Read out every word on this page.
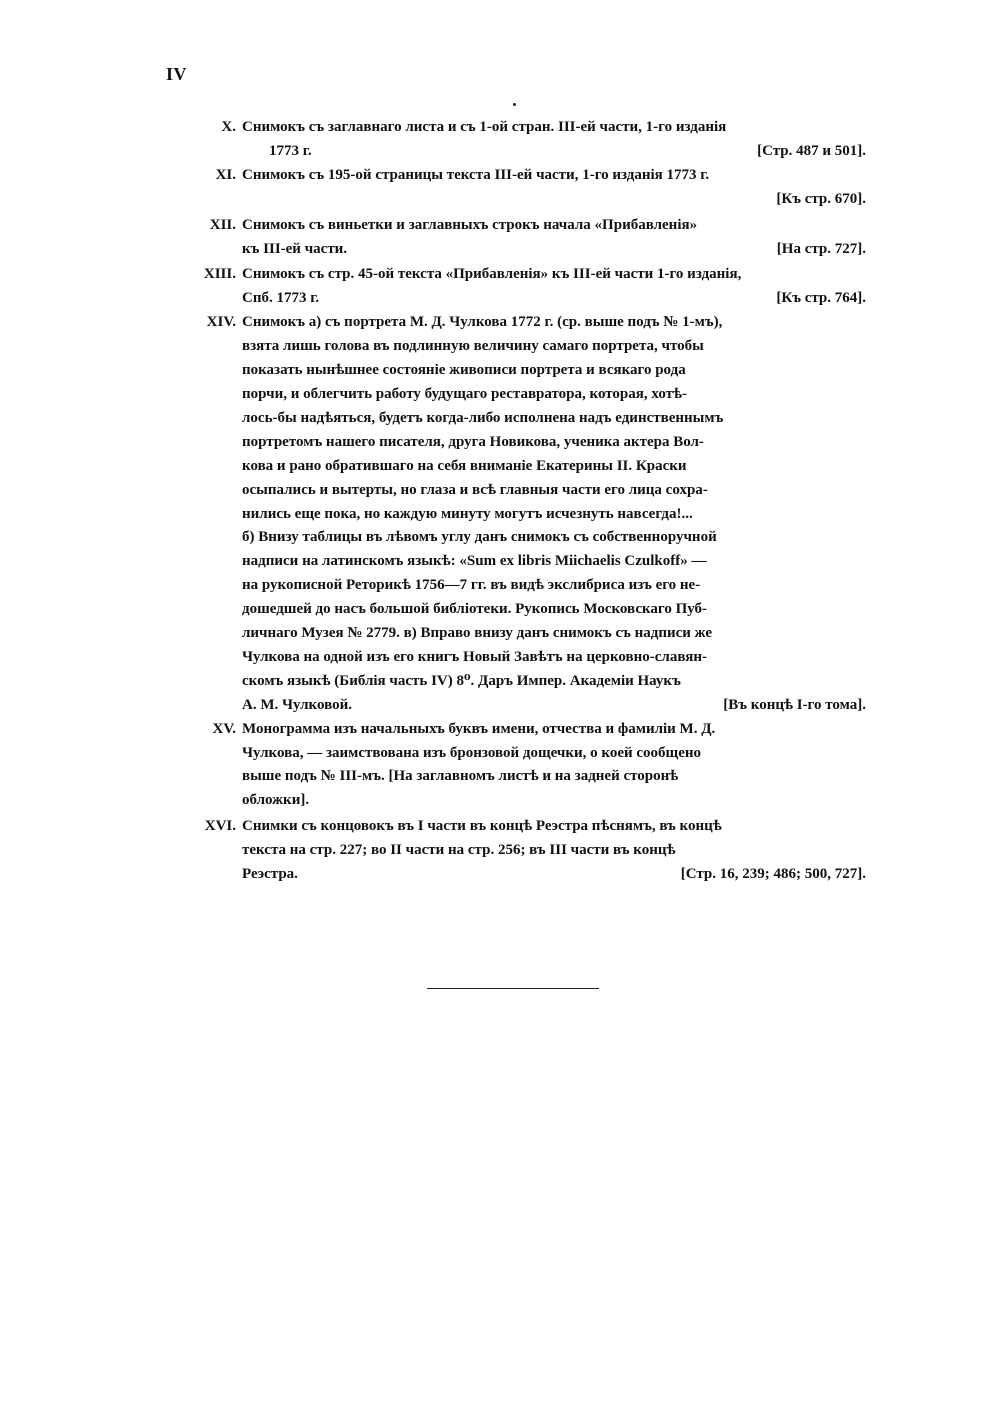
IV
X. Снимокъ съ заглавнаго листа и съ 1-ой стран. III-ей части, 1-го изданія
1773 г.	[Стр. 487 и 501].
XI. Снимокъ съ 195-ой страницы текста III-ей части, 1-го изданія 1773 г.
[Къ стр. 670].

XII. Снимокъ съ виньетки и заглавныхъ строкъ начала «Прибавленія»
къ III-ей части.	[На стр. 727].
XIII. Снимокъ съ стр. 45-ой текста «Прибавленія» къ III-ей части 1-го изданія,
Спб. 1773 г.	[Къ стр. 764].
XIV. Снимокъ а) съ портрета М. Д. Чулкова 1772 г. (ср. выше подъ № 1-мъ),
взята лишь голова въ подлинную величину самаго портрета, чтобы
показать нынѣшнее состояніе живописи портрета и всякаго рода
порчи, и облегчить работу будущаго реставратора, которая, хотѣ-
лось-бы надѣяться, будетъ когда-либо исполнена надъ единственнымъ
портретомъ нашего писателя, друга Новикова, ученика актера Вол-
кова и рано обратившаго на себя вниманіе Екатерины II. Краски
осыпались и вытерты, но глаза и всѣ главныя части его лица сохра-
нились еще пока, но каждую минуту могутъ исчезнуть навсегда!...
б) Внизу таблицы въ лѣвомъ углу данъ снимокъ съ собственноручной
надписи на латинскомъ языкѣ: «Sum ex libris Miichaelis Czulkoff» —
на рукописной Реторикѣ 1756—7 гг. въ видѣ экслибриса изъ его не-
дошедшей до насъ большой библіотеки. Рукопись Московскаго Пуб-
личнаго Музея № 2779. в) Вправо внизу данъ снимокъ съ надписи же
Чулкова на одной изъ его книгъ Новый Завѣтъ на церковно-славян-
скомъ языкѣ (Библія часть IV) 8⁰. Даръ Импер. Академіи Наукъ
А. М. Чулковой.	[Въ концѣ I-го тома].
XV. Монограмма изъ начальныхъ буквъ имени, отчества и фамиліи М. Д.
Чулкова, — заимствована изъ бронзовой дощечки, о коей сообщено
выше подъ № III-мъ. [На заглавномъ листѣ и на задней сторонѣ
обложки].
XVI. Снимки съ концовокъ въ I части въ концѣ Реэстра пѣснямъ, въ концѣ
текста на стр. 227; во II части на стр. 256; въ III части въ концѣ
Реэстра.	[Стр. 16, 239; 486; 500, 727].
